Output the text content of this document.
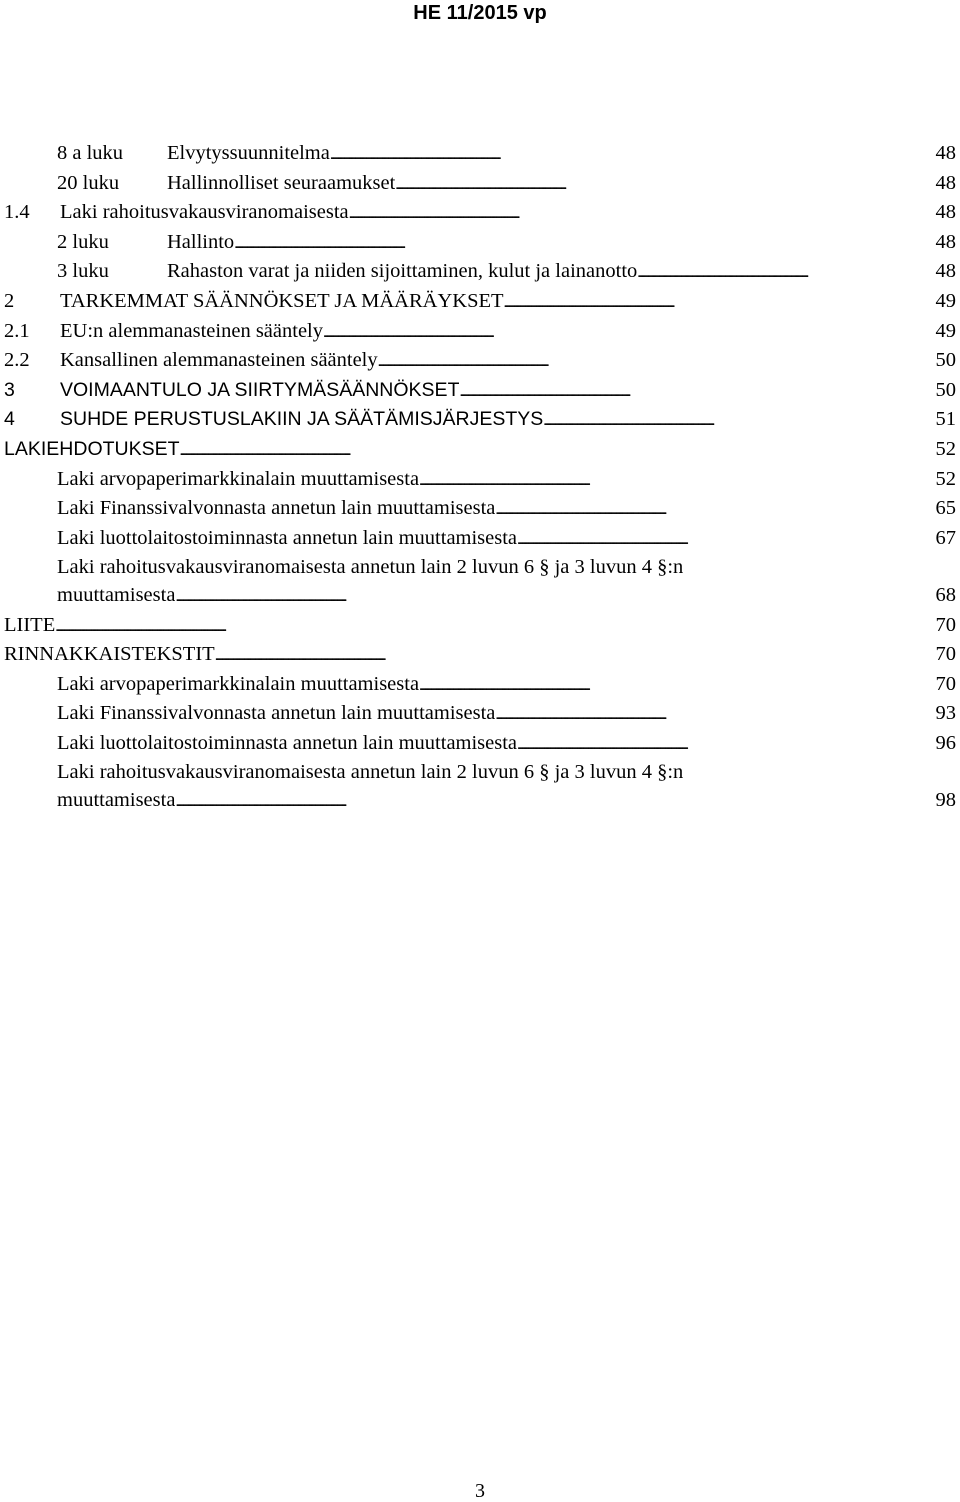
HE 11/2015 vp
8 a luku	Elvytyssuunnitelma . . .	48
20 luku	Hallinnolliset seuraamukset . . .	48
1.4	Laki rahoitusvakausviranomaisesta . . .	48
2 luku	Hallinto . . .	48
3 luku	Rahaston varat ja niiden sijoittaminen, kulut ja lainanotto . . .	48
2	TARKEMMAT SÄÄNNÖKSET JA MÄÄRÄYKSET . . .	49
2.1	EU:n alemmanasteinen sääntely . . .	49
2.2	Kansallinen alemmanasteinen sääntely . . .	50
3	VOIMAANTULO JA SIIRTYMÄSÄÄNNÖKSET . . .	50
4	SUHDE PERUSTUSLAKIIN JA SÄÄTÄMISJÄRJESTYS . . .	51
LAKIEHDOTUKSET . . .	52
Laki arvopaperimarkkinalain muuttamisesta . . .	52
Laki Finanssivalvonnasta annetun lain muuttamisesta . . .	65
Laki luottolaitostoiminnasta annetun lain muuttamisesta . . .	67
Laki rahoitusvakausviranomaisesta annetun lain 2 luvun 6 § ja 3 luvun 4 §:n
muuttamisesta . . .	68
LIITE . . .	70
RINNAKKAISTEKSTIT . . .	70
Laki arvopaperimarkkinalain muuttamisesta . . .	70
Laki Finanssivalvonnasta annetun lain muuttamisesta . . .	93
Laki luottolaitostoiminnasta annetun lain muuttamisesta . . .	96
Laki rahoitusvakausviranomaisesta annetun lain 2 luvun 6 § ja 3 luvun 4 §:n
muuttamisesta . . .	98
3
